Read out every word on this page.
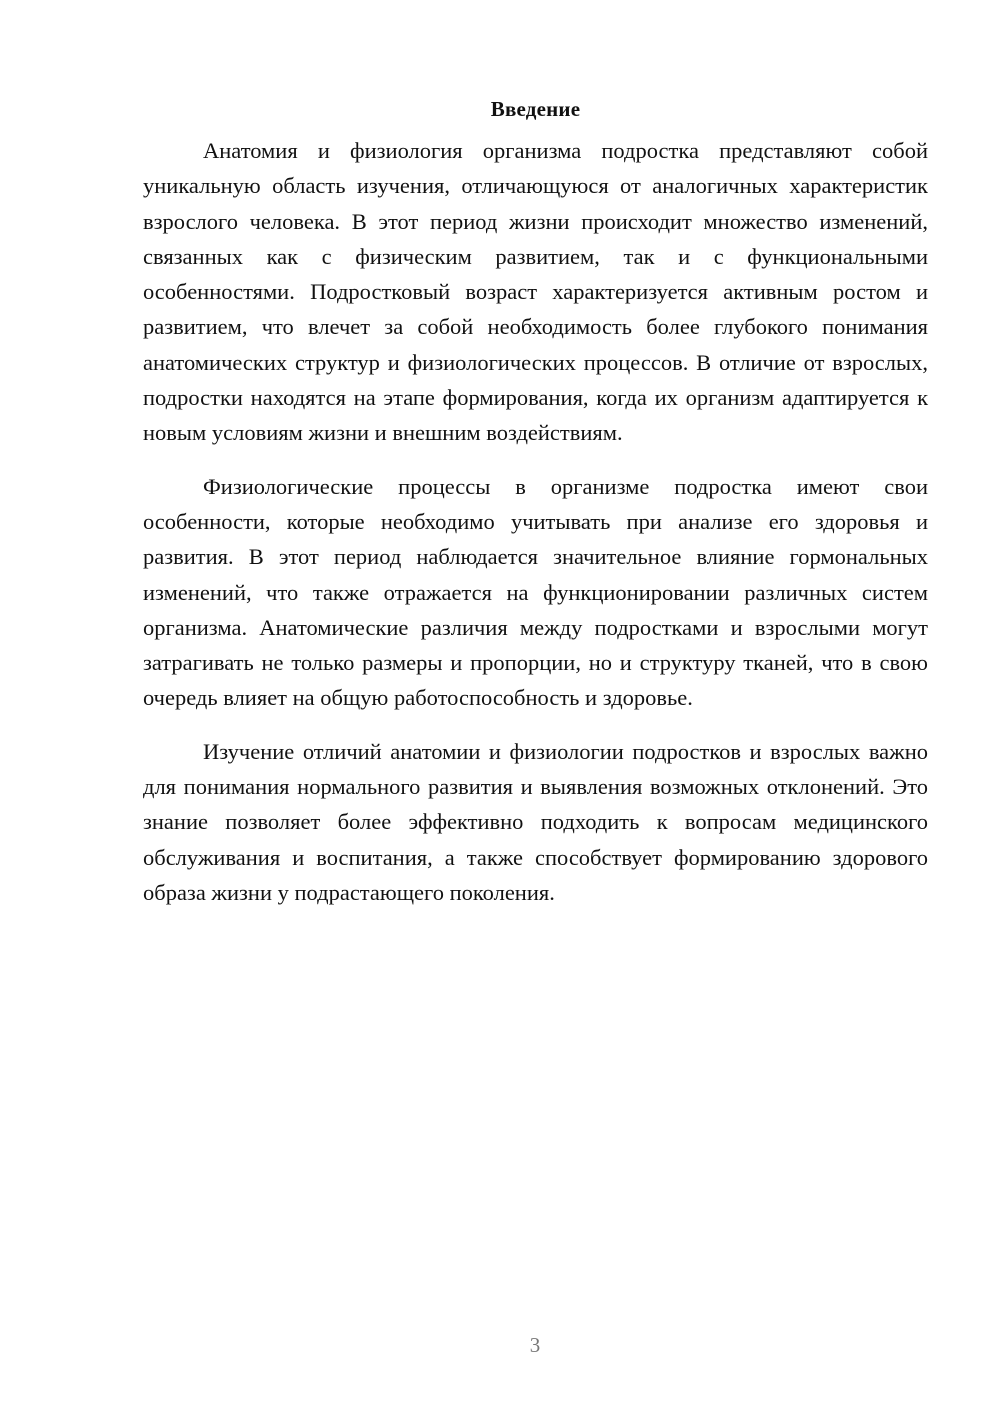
Введение

Анатомия и физиология организма подростка представляют собой уникальную область изучения, отличающуюся от аналогичных характеристик взрослого человека. В этот период жизни происходит множество изменений, связанных как с физическим развитием, так и с функциональными особенностями. Подростковый возраст характеризуется активным ростом и развитием, что влечет за собой необходимость более глубокого понимания анатомических структур и физиологических процессов. В отличие от взрослых, подростки находятся на этапе формирования, когда их организм адаптируется к новым условиям жизни и внешним воздействиям.

Физиологические процессы в организме подростка имеют свои особенности, которые необходимо учитывать при анализе его здоровья и развития. В этот период наблюдается значительное влияние гормональных изменений, что также отражается на функционировании различных систем организма. Анатомические различия между подростками и взрослыми могут затрагивать не только размеры и пропорции, но и структуру тканей, что в свою очередь влияет на общую работоспособность и здоровье.

Изучение отличий анатомии и физиологии подростков и взрослых важно для понимания нормального развития и выявления возможных отклонений. Это знание позволяет более эффективно подходить к вопросам медицинского обслуживания и воспитания, а также способствует формированию здорового образа жизни у подрастающего поколения.

3
